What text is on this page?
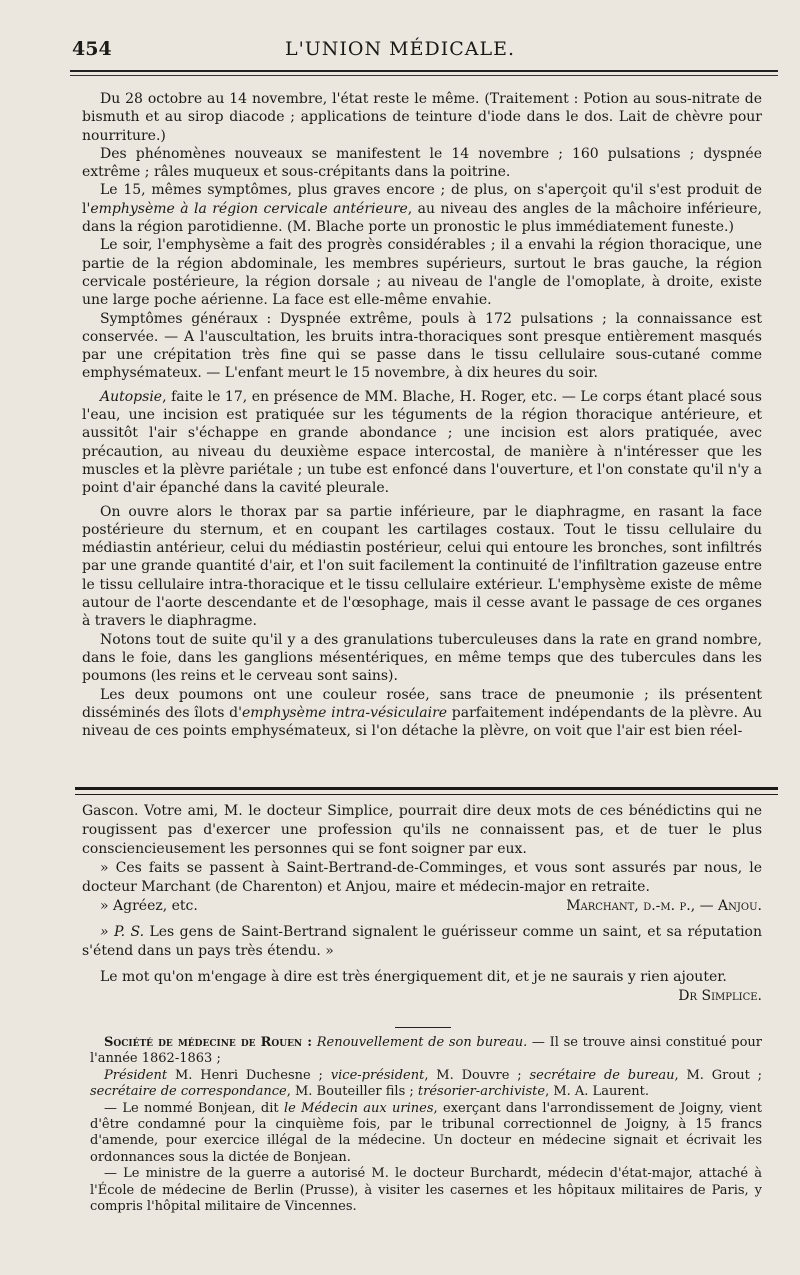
454	L'UNION MÉDICALE.

Du 28 octobre au 14 novembre, l'état reste le même. (Traitement : Potion au sous-nitrate de bismuth et au sirop diacode ; applications de teinture d'iode dans le dos. Lait de chèvre pour nourriture.)

Des phénomènes nouveaux se manifestent le 14 novembre ; 160 pulsations ; dyspnée extrême ; râles muqueux et sous-crépitants dans la poitrine.

Le 15, mêmes symptômes, plus graves encore ; de plus, on s'aperçoit qu'il s'est produit de l'emphysème à la région cervicale antérieure, au niveau des angles de la mâchoire inférieure, dans la région parotidienne. (M. Blache porte un pronostic le plus immédiatement funeste.)

Le soir, l'emphysème a fait des progrès considérables ; il a envahi la région thoracique, une partie de la région abdominale, les membres supérieurs, surtout le bras gauche, la région cervicale postérieure, la région dorsale ; au niveau de l'angle de l'omoplate, à droite, existe une large poche aérienne. La face est elle-même envahie.

Symptômes généraux : Dyspnée extrême, pouls à 172 pulsations ; la connaissance est conservée. — A l'auscultation, les bruits intra-thoraciques sont presque entièrement masqués par une crépitation très fine qui se passe dans le tissu cellulaire sous-cutané comme emphysémateux. — L'enfant meurt le 15 novembre, à dix heures du soir.

Autopsie, faite le 17, en présence de MM. Blache, H. Roger, etc. — Le corps étant placé sous l'eau, une incision est pratiquée sur les téguments de la région thoracique antérieure, et aussitôt l'air s'échappe en grande abondance ; une incision est alors pratiquée, avec précaution, au niveau du deuxième espace intercostal, de manière à n'intéresser que les muscles et la plèvre pariétale ; un tube est enfoncé dans l'ouverture, et l'on constate qu'il n'y a point d'air épanché dans la cavité pleurale.

On ouvre alors le thorax par sa partie inférieure, par le diaphragme, en rasant la face postérieure du sternum, et en coupant les cartilages costaux. Tout le tissu cellulaire du médiastin antérieur, celui du médiastin postérieur, celui qui entoure les bronches, sont infiltrés par une grande quantité d'air, et l'on suit facilement la continuité de l'infiltration gazeuse entre le tissu cellulaire intra-thoracique et le tissu cellulaire extérieur. L'emphysème existe de même autour de l'aorte descendante et de l'œsophage, mais il cesse avant le passage de ces organes à travers le diaphragme.

Notons tout de suite qu'il y a des granulations tuberculeuses dans la rate en grand nombre, dans le foie, dans les ganglions mésentériques, en même temps que des tubercules dans les poumons (les reins et le cerveau sont sains).

Les deux poumons ont une couleur rosée, sans trace de pneumonie ; ils présentent disséminés des îlots d'emphysème intra-vésiculaire parfaitement indépendants de la plèvre. Au niveau de ces points emphysémateux, si l'on détache la plèvre, on voit que l'air est bien réel-

Gascon. Votre ami, M. le docteur Simplice, pourrait dire deux mots de ces bénédictins qui ne rougissent pas d'exercer une profession qu'ils ne connaissent pas, et de tuer le plus consciencieusement les personnes qui se font soigner par eux.

» Ces faits se passent à Saint-Bertrand-de-Comminges, et vous sont assurés par nous, le docteur Marchant (de Charenton) et Anjou, maire et médecin-major en retraite.

» Agréez, etc.	Marchant, d.-m. p., — Anjou.

» P. S. Les gens de Saint-Bertrand signalent le guérisseur comme un saint, et sa réputation s'étend dans un pays très étendu. »

Le mot qu'on m'engage à dire est très énergiquement dit, et je ne saurais y rien ajouter.

Dr Simplice.

Société de médecine de Rouen : Renouvellement de son bureau. — Il se trouve ainsi constitué pour l'année 1862-1863 ;

Président M. Henri Duchesne ; vice-président, M. Douvre ; secrétaire de bureau, M. Grout ; secrétaire de correspondance, M. Bouteiller fils ; trésorier-archiviste, M. A. Laurent.

— Le nommé Bonjean, dit le Médecin aux urines, exerçant dans l'arrondissement de Joigny, vient d'être condamné pour la cinquième fois, par le tribunal correctionnel de Joigny, à 15 francs d'amende, pour exercice illégal de la médecine. Un docteur en médecine signait et écrivait les ordonnances sous la dictée de Bonjean.

— Le ministre de la guerre a autorisé M. le docteur Burchardt, médecin d'état-major, attaché à l'École de médecine de Berlin (Prusse), à visiter les casernes et les hôpitaux militaires de Paris, y compris l'hôpital militaire de Vincennes.
